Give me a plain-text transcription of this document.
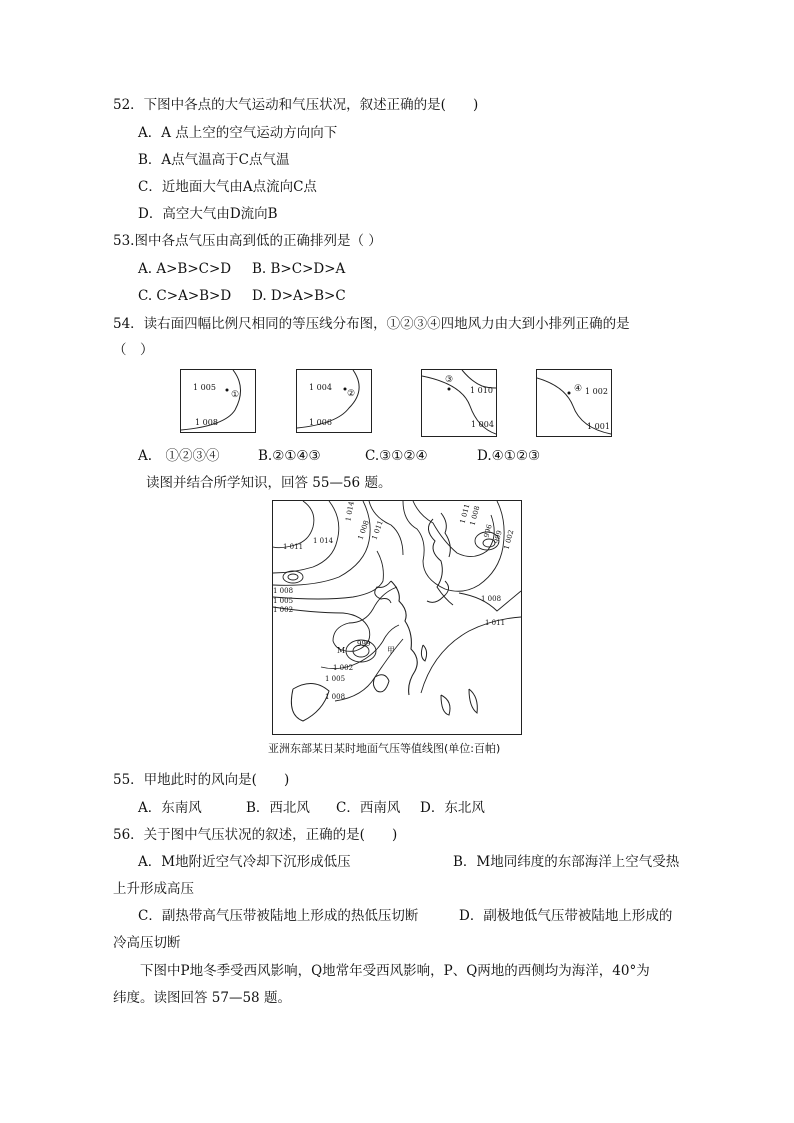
52．下图中各点的大气运动和气压状况，叙述正确的是(　　)
A．A 点上空的空气运动方向向下
B．A点气温高于C点气温
C．近地面大气由A点流向C点
D．高空大气由D流向B
53.图中各点气压由高到低的正确排列是（ ）
A. A>B>C>D B. B>C>D>A
C. C>A>B>D D. D>A>B>C
54．读右面四幅比例尺相同的等压线分布图，①②③④四地风力由大到小排列正确的是
（　）
1 005
1 008
①
1 004
1 006
②
③
1 010
1 004
④ 1 002
1 001
A.　①②③④	B.②①④③	C.③①②④	D.④①②③
读图并结合所学知识，回答 55—56 题。
1 011
1 014
1 008
1 005
1 002
M
999
甲
1 002
1 005
1 008
1 011
1 008
1 014
1 011
1 008
1 011
1 008
1 002
996
999
亚洲东部某日某时地面气压等值线图(单位:百帕)
55．甲地此时的风向是(　　)
A．东南风	B．西北风 C．西南风 D．东北风
56．关于图中气压状况的叙述，正确的是(　　)
A．M地附近空气冷却下沉形成低压	B．M地同纬度的东部海洋上空气受热
上升形成高压
C．副热带高气压带被陆地上形成的热低压切断	D．副极地低气压带被陆地上形成的
冷高压切断
下图中P地冬季受西风影响，Q地常年受西风影响，P、Q两地的西侧均为海洋，40°为
纬度。读图回答 57—58 题。
